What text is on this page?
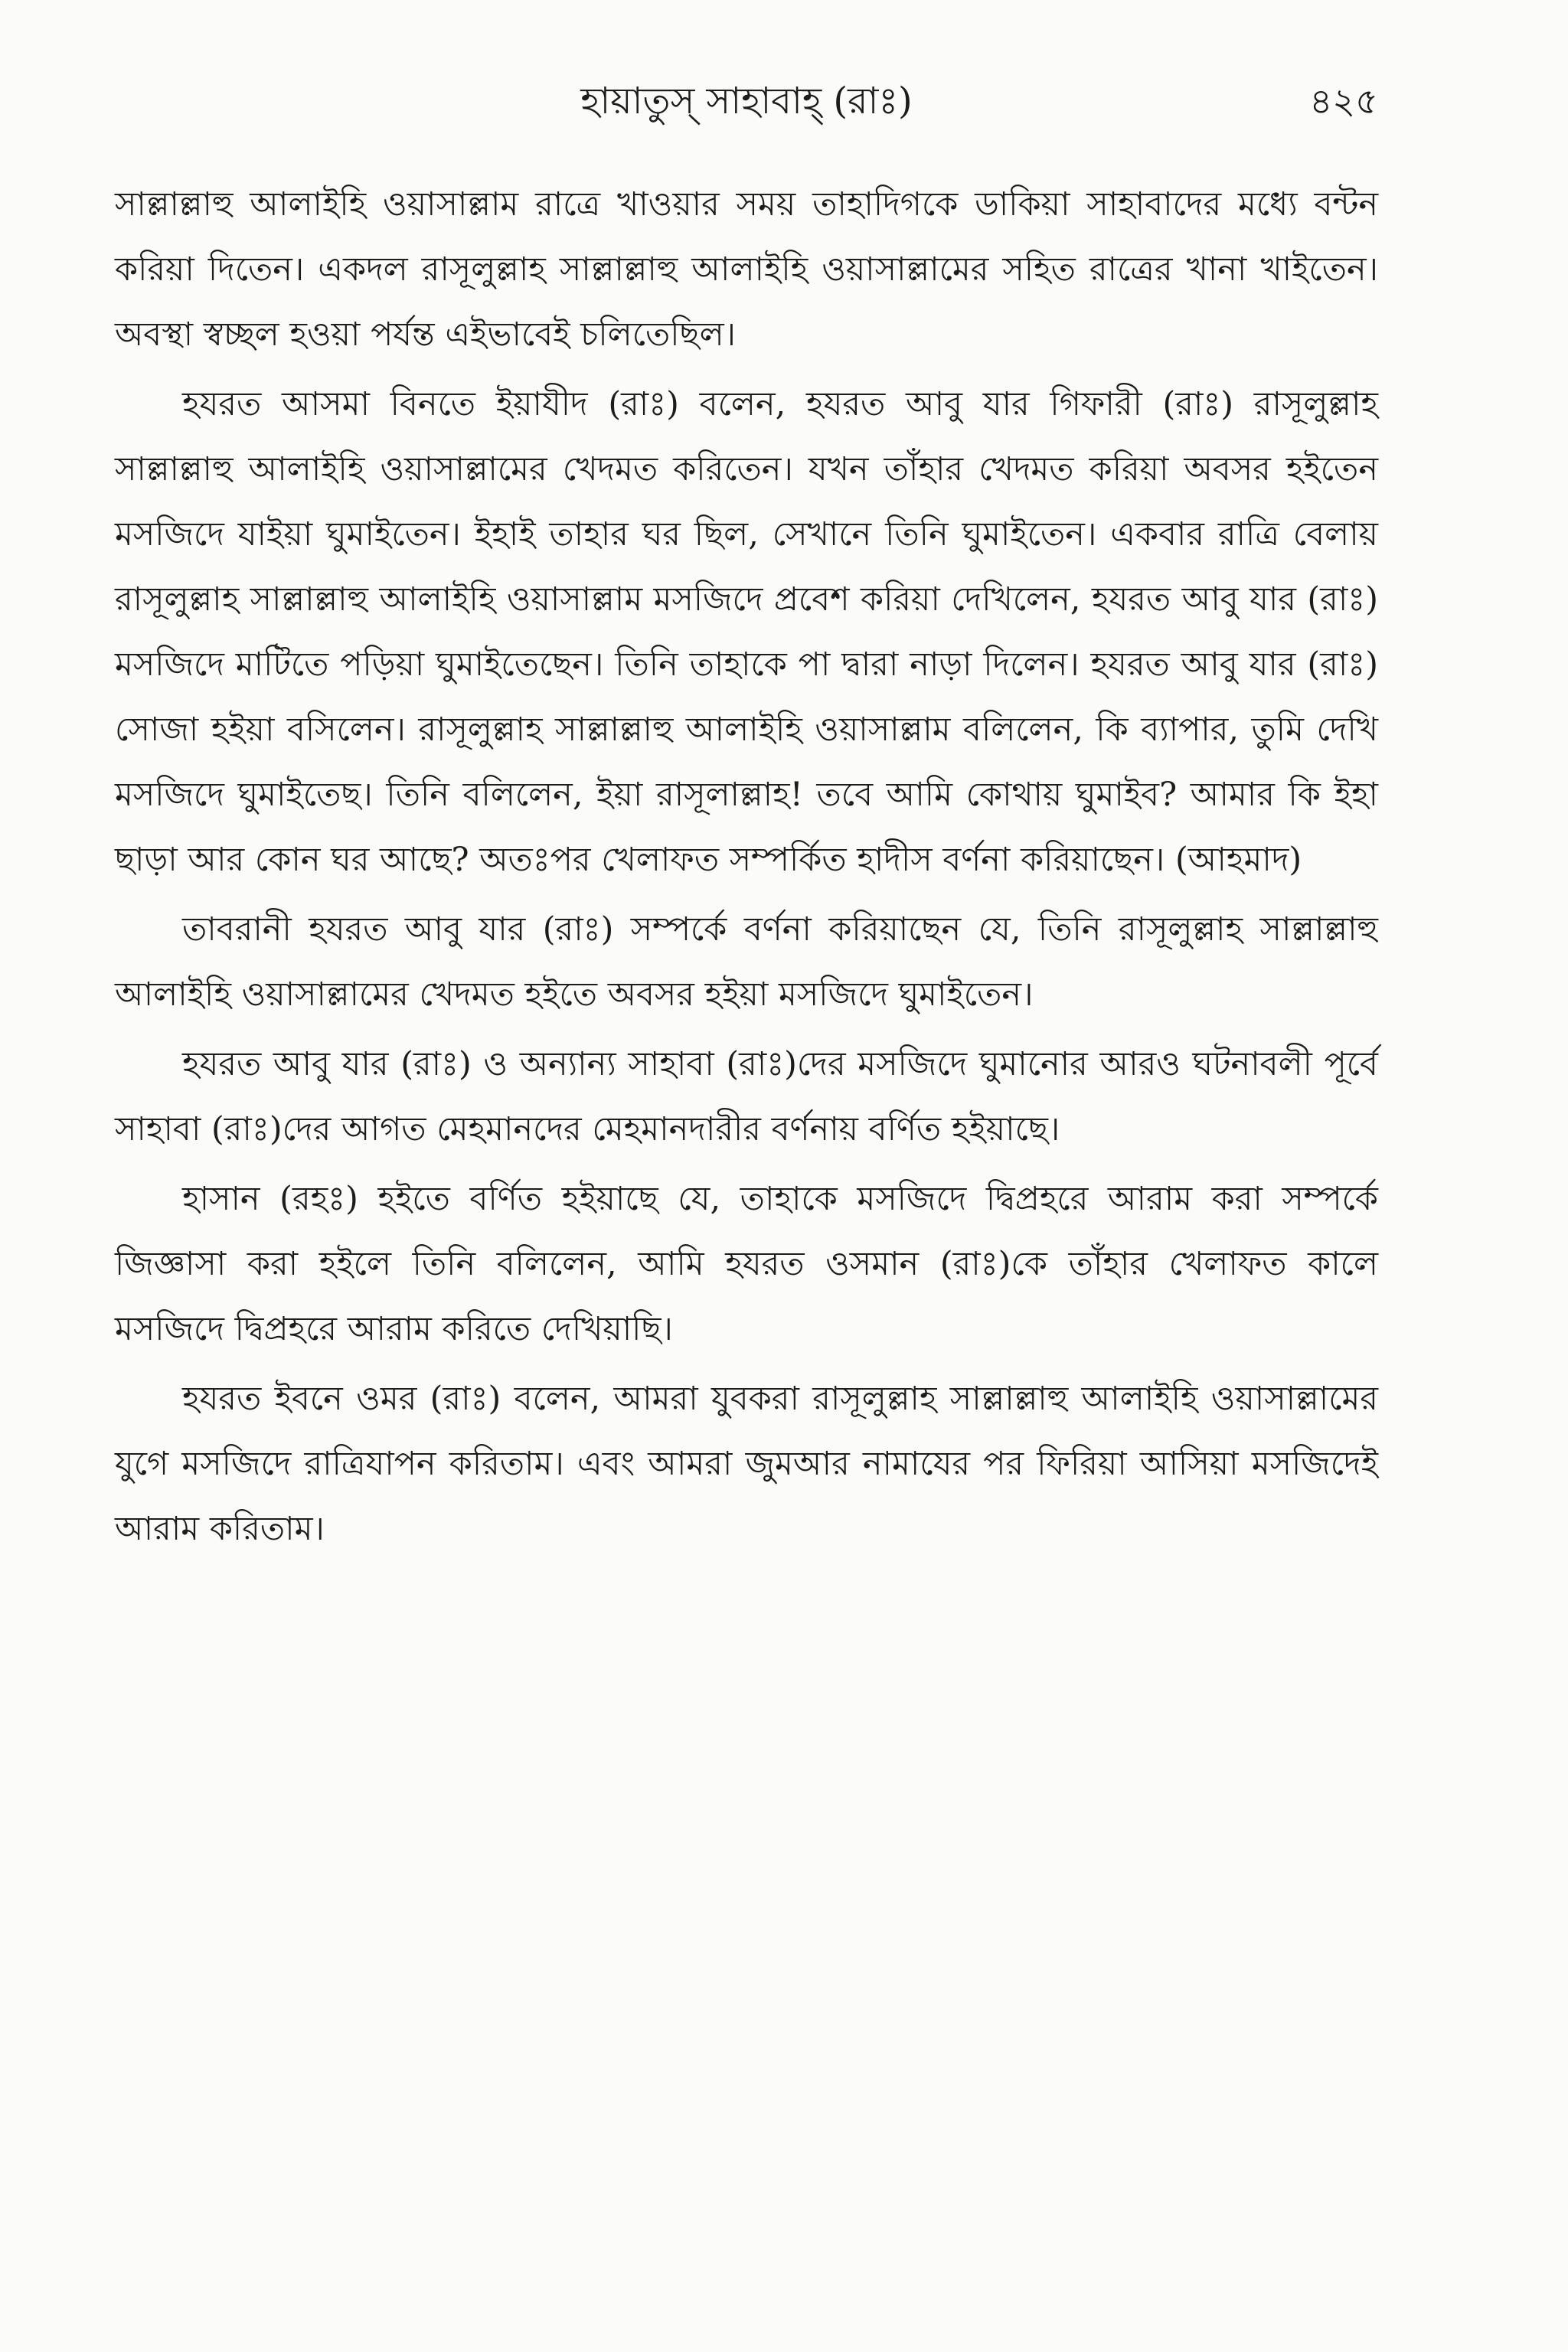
হায়াতুস্ সাহাবাহ্ (রাঃ)	৪২৫

সাল্লাল্লাহু আলাইহি ওয়াসাল্লাম রাত্রে খাওয়ার সময় তাহাদিগকে ডাকিয়া সাহাবাদের মধ্যে বন্টন করিয়া দিতেন। একদল রাসূলুল্লাহ সাল্লাল্লাহু আলাইহি ওয়াসাল্লামের সহিত রাত্রের খানা খাইতেন। অবস্থা স্বচ্ছল হওয়া পর্যন্ত এইভাবেই চলিতেছিল।

হযরত আসমা বিনতে ইয়াযীদ (রাঃ) বলেন, হযরত আবু যার গিফারী (রাঃ) রাসূলুল্লাহ সাল্লাল্লাহু আলাইহি ওয়াসাল্লামের খেদমত করিতেন। যখন তাঁহার খেদমত করিয়া অবসর হইতেন মসজিদে যাইয়া ঘুমাইতেন। ইহাই তাহার ঘর ছিল, সেখানে তিনি ঘুমাইতেন। একবার রাত্রি বেলায় রাসূলুল্লাহ সাল্লাল্লাহু আলাইহি ওয়াসাল্লাম মসজিদে প্রবেশ করিয়া দেখিলেন, হযরত আবু যার (রাঃ) মসজিদে মাটিতে পড়িয়া ঘুমাইতেছেন। তিনি তাহাকে পা দ্বারা নাড়া দিলেন। হযরত আবু যার (রাঃ) সোজা হইয়া বসিলেন। রাসূলুল্লাহ সাল্লাল্লাহু আলাইহি ওয়াসাল্লাম বলিলেন, কি ব্যাপার, তুমি দেখি মসজিদে ঘুমাইতেছ। তিনি বলিলেন, ইয়া রাসূলাল্লাহ! তবে আমি কোথায় ঘুমাইব? আমার কি ইহা ছাড়া আর কোন ঘর আছে? অতঃপর খেলাফত সম্পর্কিত হাদীস বর্ণনা করিয়াছেন। (আহমাদ)

তাবরানী হযরত আবু যার (রাঃ) সম্পর্কে বর্ণনা করিয়াছেন যে, তিনি রাসূলুল্লাহ সাল্লাল্লাহু আলাইহি ওয়াসাল্লামের খেদমত হইতে অবসর হইয়া মসজিদে ঘুমাইতেন।

হযরত আবু যার (রাঃ) ও অন্যান্য সাহাবা (রাঃ)দের মসজিদে ঘুমানোর আরও ঘটনাবলী পূর্বে সাহাবা (রাঃ)দের আগত মেহমানদের মেহমানদারীর বর্ণনায় বর্ণিত হইয়াছে।

হাসান (রহঃ) হইতে বর্ণিত হইয়াছে যে, তাহাকে মসজিদে দ্বিপ্রহরে আরাম করা সম্পর্কে জিজ্ঞাসা করা হইলে তিনি বলিলেন, আমি হযরত ওসমান (রাঃ)কে তাঁহার খেলাফত কালে মসজিদে দ্বিপ্রহরে আরাম করিতে দেখিয়াছি।

হযরত ইবনে ওমর (রাঃ) বলেন, আমরা যুবকরা রাসূলুল্লাহ সাল্লাল্লাহু আলাইহি ওয়াসাল্লামের যুগে মসজিদে রাত্রিযাপন করিতাম। এবং আমরা জুমআর নামাযের পর ফিরিয়া আসিয়া মসজিদেই আরাম করিতাম।
